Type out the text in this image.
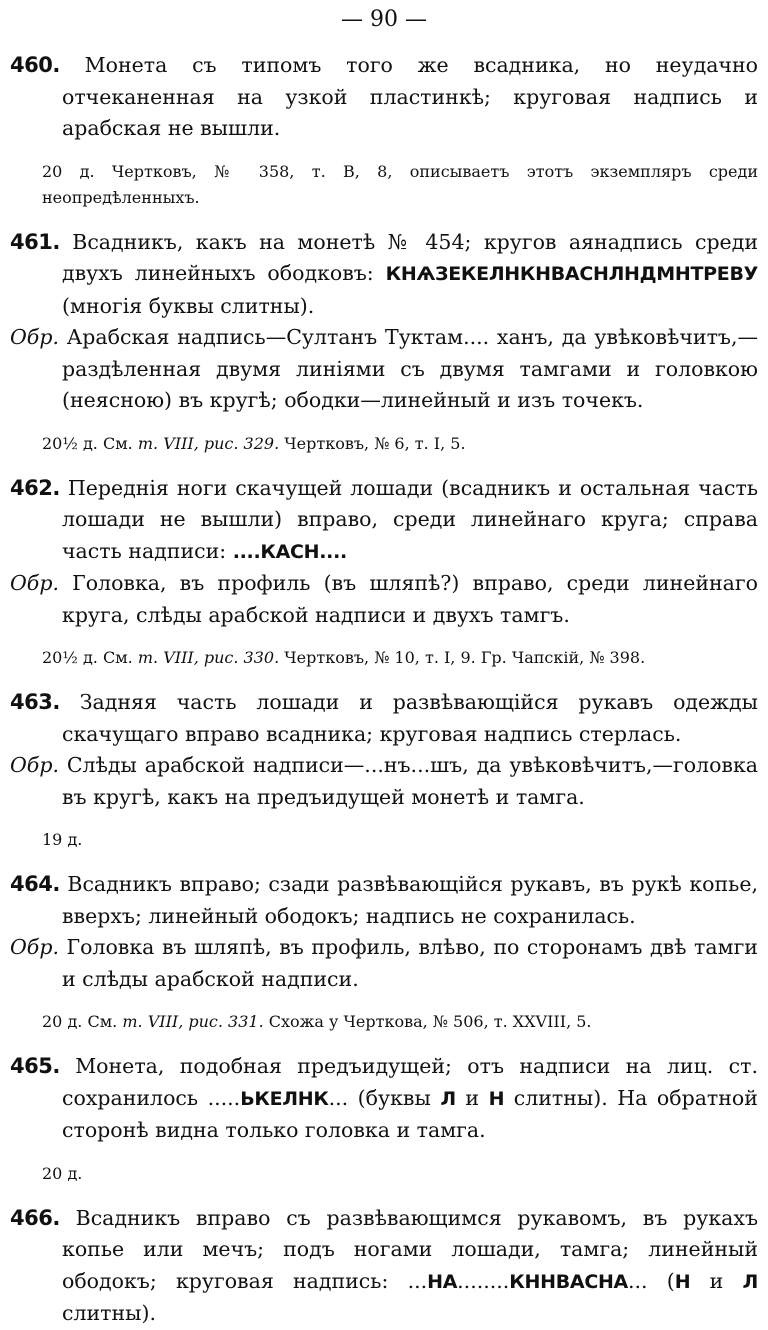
— 90 —

460. Монета съ типомъ того же всадника, но неудачно отчеканенная на узкой пластинкѣ; круговая надпись и арабская не вышли.

20 д. Чертковъ, № 358, т. В, 8, описываетъ этотъ экземпляръ среди неопредѣленныхъ.

461. Всадникъ, какъ на монетѣ № 454; кругов аянадпись среди двухъ линейныхъ ободковъ: КНѦЗЕКЕЛНКНВАСНЛНДМНТРЕВУ (многія буквы слитны).

Обр. Арабская надпись—Султанъ Туктам.... ханъ, да увѣковѣчитъ,—раздѣленная двумя линіями съ двумя тамгами и головкою (неясною) въ кругѣ; ободки—линейный и изъ точекъ.

20½ д. См. т. VIII, рис. 329. Чертковъ, № 6, т. I, 5.

462. Переднія ноги скачущей лошади (всадникъ и остальная часть лошади не вышли) вправо, среди линейнаго круга; справа часть надписи: ....КАСН....

Обр. Головка, въ профиль (въ шляпѣ?) вправо, среди линейнаго круга, слѣды арабской надписи и двухъ тамгъ.

20½ д. См. т. VIII, рис. 330. Чертковъ, № 10, т. I, 9. Гр. Чапскій, № 398.

463. Задняя часть лошади и развѣвающійся рукавъ одежды скачущаго вправо всадника; круговая надпись стерлась.

Обр. Слѣды арабской надписи—...нъ...шъ, да увѣковѣчитъ,—головка въ кругѣ, какъ на предъидущей монетѣ и тамга.

19 д.

464. Всадникъ вправо; сзади развѣвающійся рукавъ, въ рукѣ копье, вверхъ; линейный ободокъ; надпись не сохранилась.

Обр. Головка въ шляпѣ, въ профиль, влѣво, по сторонамъ двѣ тамги и слѣды арабской надписи.

20 д. См. т. VIII, рис. 331. Схожа у Черткова, № 506, т. XXVIII, 5.

465. Монета, подобная предъидущей; отъ надписи на лиц. ст. сохранилось .....ЬКЕЛНК... (буквы Л и Н слитны). На обратной сторонѣ видна только головка и тамга.

20 д.

466. Всадникъ вправо съ развѣвающимся рукавомъ, въ рукахъ копье или мечъ; подъ ногами лошади, тамга; линейный ободокъ; круговая надпись: ...НА........КННВАСНА... (Н и Л слитны).
